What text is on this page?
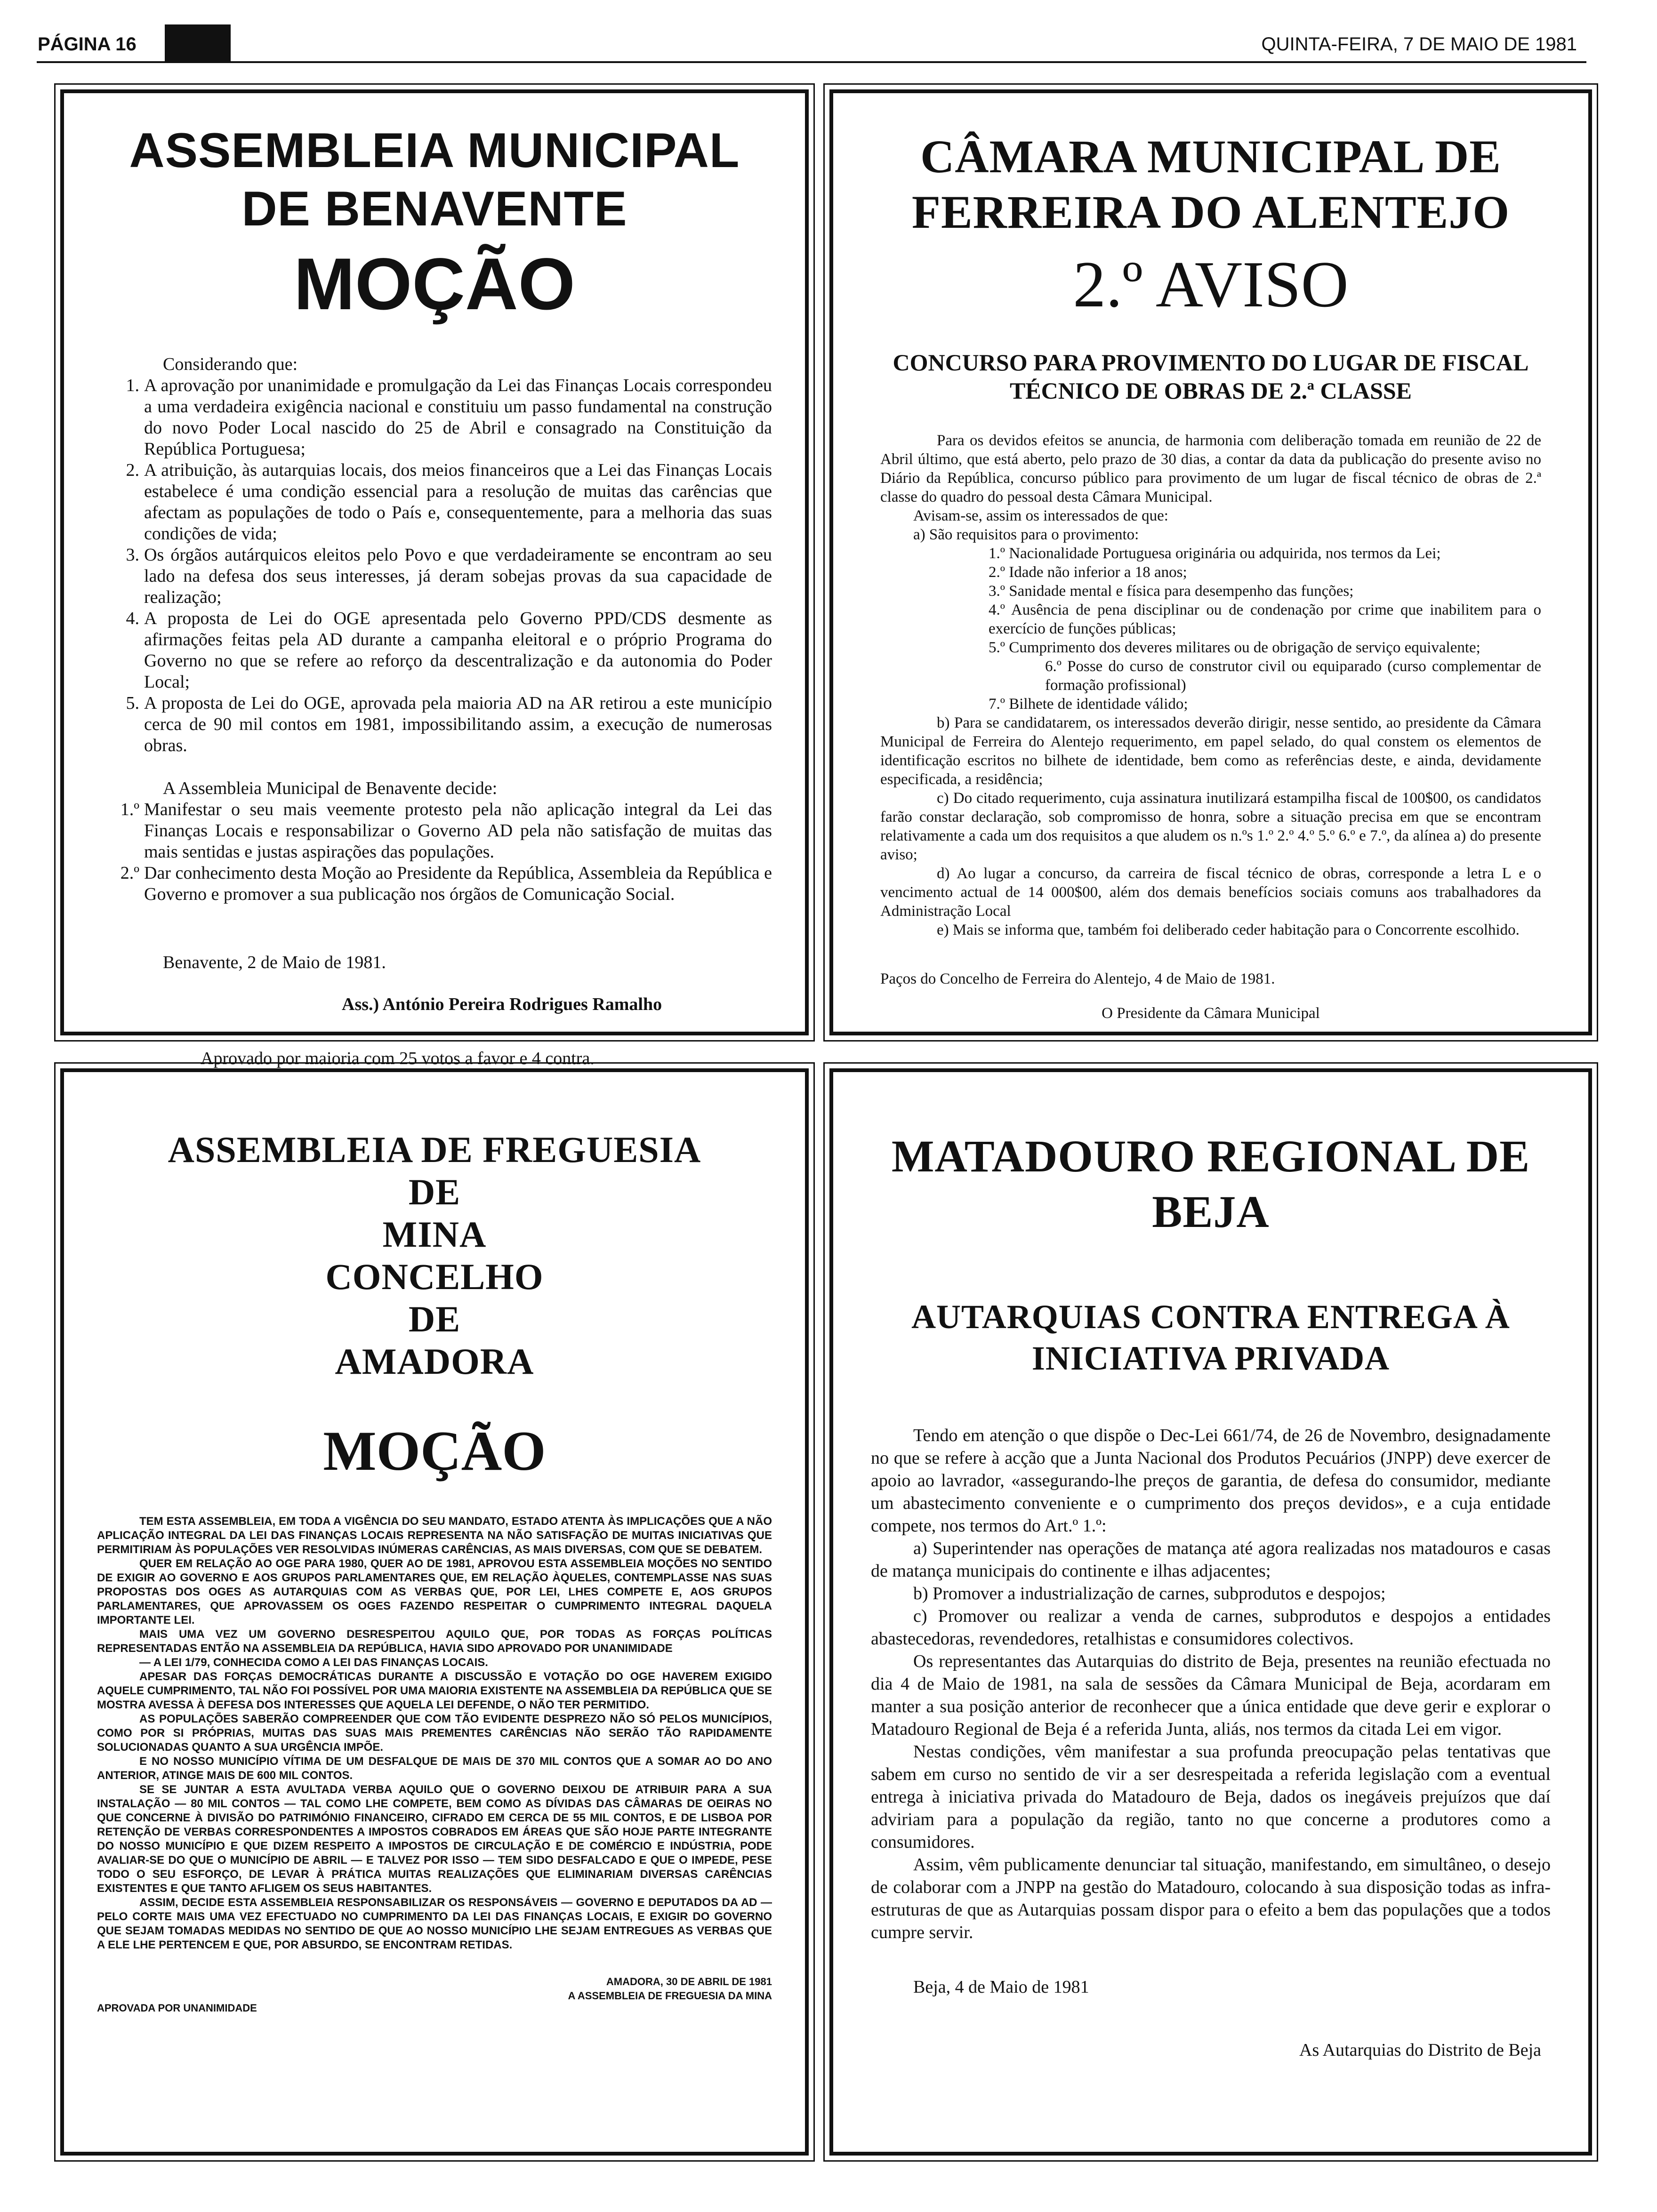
PÁGINA 16	QUINTA-FEIRA, 7 DE MAIO DE 1981
ASSEMBLEIA MUNICIPAL DE BENAVENTE
MOÇÃO

Considerando que:

1. A aprovação por unanimidade e promulgação da Lei das Finanças Locais correspondeu a uma verdadeira exigência nacional e constituiu um passo fundamental na construção do novo Poder Local nascido do 25 de Abril e consagrado na Constituição da República Portuguesa;
2. A atribuição, às autarquias locais, dos meios financeiros que a Lei das Finanças Locais estabelece é uma condição essencial para a resolução de muitas das carências que afectam as populações de todo o País e, consequentemente, para a melhoria das suas condições de vida;
3. Os órgãos autárquicos eleitos pelo Povo e que verdadeiramente se encontram ao seu lado na defesa dos seus interesses, já deram sobejas provas da sua capacidade de realização;
4. A proposta de Lei do OGE apresentada pelo Governo PPD/CDS desmente as afirmações feitas pela AD durante a campanha eleitoral e o próprio Programa do Governo no que se refere ao reforço da descentralização e da autonomia do Poder Local;
5. A proposta de Lei do OGE, aprovada pela maioria AD na AR retirou a este município cerca de 90 mil contos em 1981, impossibilitando assim, a execução de numerosas obras.

A Assembleia Municipal de Benavente decide:

1.º Manifestar o seu mais veemente protesto pela não aplicação integral da Lei das Finanças Locais e responsabilizar o Governo AD pela não satisfação de muitas das mais sentidas e justas aspirações das populações.
2.º Dar conhecimento desta Moção ao Presidente da República, Assembleia da República e Governo e promover a sua publicação nos órgãos de Comunicação Social.

Benavente, 2 de Maio de 1981.

Ass.) António Pereira Rodrigues Ramalho

Aprovado por maioria com 25 votos a favor e 4 contra.

CÂMARA MUNICIPAL DE FERREIRA DO ALENTEJO
2.º AVISO
CONCURSO PARA PROVIMENTO DO LUGAR DE FISCAL TÉCNICO DE OBRAS DE 2.ª CLASSE

Para os devidos efeitos se anuncia, de harmonia com deliberação tomada em reunião de 22 de Abril último, que está aberto, pelo prazo de 30 dias, a contar da data da publicação do presente aviso no Diário da República, concurso público para provimento de um lugar de fiscal técnico de obras de 2.ª classe do quadro do pessoal desta Câmara Municipal.

Avisam-se, assim os interessados de que:

a) São requisitos para o provimento:

1.º Nacionalidade Portuguesa originária ou adquirida, nos termos da Lei;

2.º Idade não inferior a 18 anos;

3.º Sanidade mental e física para desempenho das funções;

4.º Ausência de pena disciplinar ou de condenação por crime que inabilitem para o exercício de funções públicas;

5.º Cumprimento dos deveres militares ou de obrigação de serviço equivalente;

6.º Posse do curso de construtor civil ou equiparado (curso complementar de formação profissional)

7.º Bilhete de identidade válido;

b) Para se candidatarem, os interessados deverão dirigir, nesse sentido, ao presidente da Câmara Municipal de Ferreira do Alentejo requerimento, em papel selado, do qual constem os elementos de identificação escritos no bilhete de identidade, bem como as referências deste, e ainda, devidamente especificada, a residência;

c) Do citado requerimento, cuja assinatura inutilizará estampilha fiscal de 100$00, os candidatos farão constar declaração, sob compromisso de honra, sobre a situação precisa em que se encontram relativamente a cada um dos requisitos a que aludem os n.ºs 1.º 2.º 4.º 5.º 6.º e 7.º, da alínea a) do presente aviso;

d) Ao lugar a concurso, da carreira de fiscal técnico de obras, corresponde a letra L e o vencimento actual de 14 000$00, além dos demais benefícios sociais comuns aos trabalhadores da Administração Local

e) Mais se informa que, também foi deliberado ceder habitação para o Concorrente escolhido.

Paços do Concelho de Ferreira do Alentejo, 4 de Maio de 1981.

O Presidente da Câmara Municipal

ASSEMBLEIA DE FREGUESIA
DE
MINA
CONCELHO
DE
AMADORA
MOÇÃO

TEM ESTA ASSEMBLEIA, EM TODA A VIGÊNCIA DO SEU MANDATO, ESTADO ATENTA ÀS IMPLICAÇÕES QUE A NÃO APLICAÇÃO INTEGRAL DA LEI DAS FINANÇAS LOCAIS REPRESENTA NA NÃO SATISFAÇÃO DE MUITAS INICIATIVAS QUE PERMITIRIAM ÀS POPULAÇÕES VER RESOLVIDAS INÚMERAS CARÊNCIAS, AS MAIS DIVERSAS, COM QUE SE DEBATEM.

QUER EM RELAÇÃO AO OGE PARA 1980, QUER AO DE 1981, APROVOU ESTA ASSEMBLEIA MOÇÕES NO SENTIDO DE EXIGIR AO GOVERNO E AOS GRUPOS PARLAMENTARES QUE, EM RELAÇÃO ÀQUELES, CONTEMPLASSE NAS SUAS PROPOSTAS DOS OGES AS AUTARQUIAS COM AS VERBAS QUE, POR LEI, LHES COMPETE E, AOS GRUPOS PARLAMENTARES, QUE APROVASSEM OS OGES FAZENDO RESPEITAR O CUMPRIMENTO INTEGRAL DAQUELA IMPORTANTE LEI.

MAIS UMA VEZ UM GOVERNO DESRESPEITOU AQUILO QUE, POR TODAS AS FORÇAS POLÍTICAS REPRESENTADAS ENTÃO NA ASSEMBLEIA DA REPÚBLICA, HAVIA SIDO APROVADO POR UNANIMIDADE

— A LEI 1/79, CONHECIDA COMO A LEI DAS FINANÇAS LOCAIS.

APESAR DAS FORÇAS DEMOCRÁTICAS DURANTE A DISCUSSÃO E VOTAÇÃO DO OGE HAVEREM EXIGIDO AQUELE CUMPRIMENTO, TAL NÃO FOI POSSÍVEL POR UMA MAIORIA EXISTENTE NA ASSEMBLEIA DA REPÚBLICA QUE SE MOSTRA AVESSA À DEFESA DOS INTERESSES QUE AQUELA LEI DEFENDE, O NÃO TER PERMITIDO.

AS POPULAÇÕES SABERÃO COMPREENDER QUE COM TÃO EVIDENTE DESPREZO NÃO SÓ PELOS MUNICÍPIOS, COMO POR SI PRÓPRIAS, MUITAS DAS SUAS MAIS PREMENTES CARÊNCIAS NÃO SERÃO TÃO RAPIDAMENTE SOLUCIONADAS QUANTO A SUA URGÊNCIA IMPÕE.

E NO NOSSO MUNICÍPIO VÍTIMA DE UM DESFALQUE DE MAIS DE 370 MIL CONTOS QUE A SOMAR AO DO ANO ANTERIOR, ATINGE MAIS DE 600 MIL CONTOS.

SE SE JUNTAR A ESTA AVULTADA VERBA AQUILO QUE O GOVERNO DEIXOU DE ATRIBUIR PARA A SUA INSTALAÇÃO — 80 MIL CONTOS — TAL COMO LHE COMPETE, BEM COMO AS DÍVIDAS DAS CÂMARAS DE OEIRAS NO QUE CONCERNE À DIVISÃO DO PATRIMÓNIO FINANCEIRO, CIFRADO EM CERCA DE 55 MIL CONTOS, E DE LISBOA POR RETENÇÃO DE VERBAS CORRESPONDENTES A IMPOSTOS COBRADOS EM ÁREAS QUE SÃO HOJE PARTE INTEGRANTE DO NOSSO MUNICÍPIO E QUE DIZEM RESPEITO A IMPOSTOS DE CIRCULAÇÃO E DE COMÉRCIO E INDÚSTRIA, PODE AVALIAR-SE DO QUE O MUNICÍPIO DE ABRIL — E TALVEZ POR ISSO — TEM SIDO DESFALCADO E QUE O IMPEDE, PESE TODO O SEU ESFORÇO, DE LEVAR À PRÁTICA MUITAS REALIZAÇÕES QUE ELIMINARIAM DIVERSAS CARÊNCIAS EXISTENTES E QUE TANTO AFLIGEM OS SEUS HABITANTES.

ASSIM, DECIDE ESTA ASSEMBLEIA RESPONSABILIZAR OS RESPONSÁVEIS — GOVERNO E DEPUTADOS DA AD — PELO CORTE MAIS UMA VEZ EFECTUADO NO CUMPRIMENTO DA LEI DAS FINANÇAS LOCAIS, E EXIGIR DO GOVERNO QUE SEJAM TOMADAS MEDIDAS NO SENTIDO DE QUE AO NOSSO MUNICÍPIO LHE SEJAM ENTREGUES AS VERBAS QUE A ELE LHE PERTENCEM E QUE, POR ABSURDO, SE ENCONTRAM RETIDAS.

AMADORA, 30 DE ABRIL DE 1981
A ASSEMBLEIA DE FREGUESIA DA MINA
APROVADA POR UNANIMIDADE
MATADOURO REGIONAL DE BEJA
AUTARQUIAS CONTRA ENTREGA À INICIATIVA PRIVADA

Tendo em atenção o que dispõe o Dec-Lei 661/74, de 26 de Novembro, designadamente no que se refere à acção que a Junta Nacional dos Produtos Pecuários (JNPP) deve exercer de apoio ao lavrador, «assegurando-lhe preços de garantia, de defesa do consumidor, mediante um abastecimento conveniente e o cumprimento dos preços devidos», e a cuja entidade compete, nos termos do Art.º 1.º:

a) Superintender nas operações de matança até agora realizadas nos matadouros e casas de matança municipais do continente e ilhas adjacentes;

b) Promover a industrialização de carnes, subprodutos e despojos;

c) Promover ou realizar a venda de carnes, subprodutos e despojos a entidades abastecedoras, revendedores, retalhistas e consumidores colectivos.

Os representantes das Autarquias do distrito de Beja, presentes na reunião efectuada no dia 4 de Maio de 1981, na sala de sessões da Câmara Municipal de Beja, acordaram em manter a sua posição anterior de reconhecer que a única entidade que deve gerir e explorar o Matadouro Regional de Beja é a referida Junta, aliás, nos termos da citada Lei em vigor.

Nestas condições, vêm manifestar a sua profunda preocupação pelas tentativas que sabem em curso no sentido de vir a ser desrespeitada a referida legislação com a eventual entrega à iniciativa privada do Matadouro de Beja, dados os inegáveis prejuízos que daí adviriam para a população da região, tanto no que concerne a produtores como a consumidores.

Assim, vêm publicamente denunciar tal situação, manifestando, em simultâneo, o desejo de colaborar com a JNPP na gestão do Matadouro, colocando à sua disposição todas as infra-estruturas de que as Autarquias possam dispor para o efeito a bem das populações que a todos cumpre servir.

Beja, 4 de Maio de 1981

As Autarquias do Distrito de Beja
